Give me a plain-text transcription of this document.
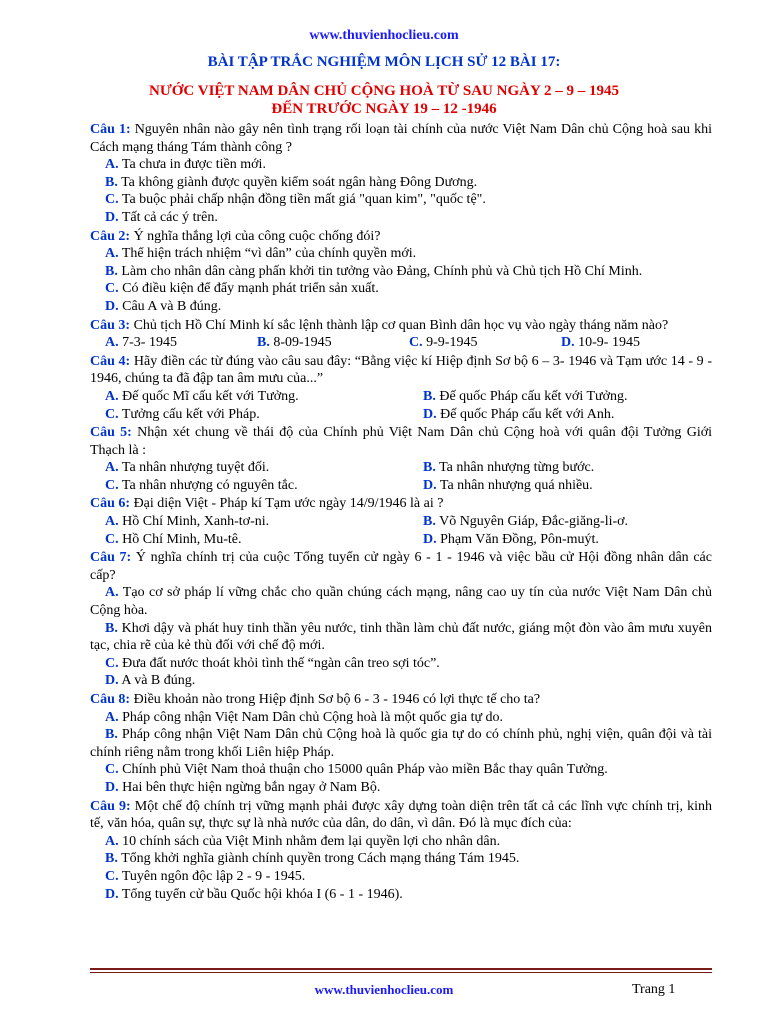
www.thuvienhoclieu.com
BÀI TẬP TRẮC NGHIỆM MÔN LỊCH SỬ 12 BÀI 17:
NƯỚC VIỆT NAM DÂN CHỦ CỘNG HOÀ TỪ SAU NGÀY 2 – 9 – 1945
ĐẾN TRƯỚC NGÀY 19 – 12 -1946
Câu 1: Nguyên nhân nào gây nên tình trạng rối loạn tài chính của nước Việt Nam Dân chủ Cộng hoà sau khi Cách mạng tháng Tám thành công ?
A. Ta chưa in được tiền mới.
B. Ta không giành được quyền kiểm soát ngân hàng Đông Dương.
C. Ta buộc phải chấp nhận đồng tiền mất giá "quan kim", "quốc tệ".
D. Tất cả các ý trên.
Câu 2: Ý nghĩa thắng lợi của công cuộc chống đói?
A. Thể hiện trách nhiệm “vì dân” của chính quyền mới.
B. Làm cho nhân dân càng phấn khởi tin tưởng vào Đảng, Chính phủ và Chủ tịch Hồ Chí Minh.
C. Có điều kiện để đẩy mạnh phát triển sản xuất.
D. Câu A và B đúng.
Câu 3: Chủ tịch Hồ Chí Minh kí sắc lệnh thành lập cơ quan Bình dân học vụ vào ngày tháng năm nào?
A. 7-3- 1945	B. 8-09-1945	C. 9-9-1945	D. 10-9- 1945
Câu 4: Hãy điền các từ đúng vào câu sau đây: “Bằng việc kí Hiệp định Sơ bộ 6 – 3- 1946 và Tạm ước 14 - 9 - 1946, chúng ta đã đập tan âm mưu của...”
A. Đế quốc Mĩ cấu kết với Tưởng.	B. Đế quốc Pháp cấu kết với Tưởng.
C. Tưởng cấu kết với Pháp.	D. Đế quốc Pháp cấu kết với Anh.
Câu 5: Nhận xét chung về thái độ của Chính phủ Việt Nam Dân chủ Cộng hoà với quân đội Tưởng Giới Thạch là :
A. Ta nhân nhượng tuyệt đối.	B. Ta nhân nhượng từng bước.
C. Ta nhân nhượng có nguyên tắc.	D. Ta nhân nhượng quá nhiều.
Câu 6: Đại diện Việt - Pháp kí Tạm ước ngày 14/9/1946 là ai ?
A. Hồ Chí Minh, Xanh-tơ-ni.	B. Võ Nguyên Giáp, Đắc-giăng-li-ơ.
C. Hồ Chí Minh, Mu-tê.	D. Phạm Văn Đồng, Pôn-muýt.
Câu 7: Ý nghĩa chính trị của cuộc Tổng tuyển cử ngày 6 - 1 - 1946 và việc bầu cử Hội đồng nhân dân các cấp?
A. Tạo cơ sở pháp lí vững chắc cho quần chúng cách mạng, nâng cao uy tín của nước Việt Nam Dân chủ Cộng hòa.
B. Khơi dậy và phát huy tinh thần yêu nước, tinh thần làm chủ đất nước, giáng một đòn vào âm mưu xuyên tạc, chia rẽ của kẻ thù đối với chế độ mới.
C. Đưa đất nước thoát khỏi tình thế “ngàn cân treo sợi tóc”.
D. A và B đúng.
Câu 8: Điều khoản nào trong Hiệp định Sơ bộ 6 - 3 - 1946 có lợi thực tế cho ta?
A. Pháp công nhận Việt Nam Dân chủ Cộng hoà là một quốc gia tự do.
B. Pháp công nhận Việt Nam Dân chủ Cộng hoà là quốc gia tự do có chính phủ, nghị viện, quân đội và tài chính riêng nằm trong khối Liên hiệp Pháp.
C. Chính phủ Việt Nam thoả thuận cho 15000 quân Pháp vào miền Bắc thay quân Tưởng.
D. Hai bên thực hiện ngừng bắn ngay ở Nam Bộ.
Câu 9: Một chế độ chính trị vững mạnh phải được xây dựng toàn diện trên tất cả các lĩnh vực chính trị, kinh tế, văn hóa, quân sự, thực sự là nhà nước của dân, do dân, vì dân. Đó là mục đích của:
A. 10 chính sách của Việt Minh nhằm đem lại quyền lợi cho nhân dân.
B. Tổng khởi nghĩa giành chính quyền trong Cách mạng tháng Tám 1945.
C. Tuyên ngôn độc lập 2 - 9 - 1945.
D. Tổng tuyển cử bầu Quốc hội khóa I (6 - 1 - 1946).
www.thuvienhoclieu.com	Trang 1
